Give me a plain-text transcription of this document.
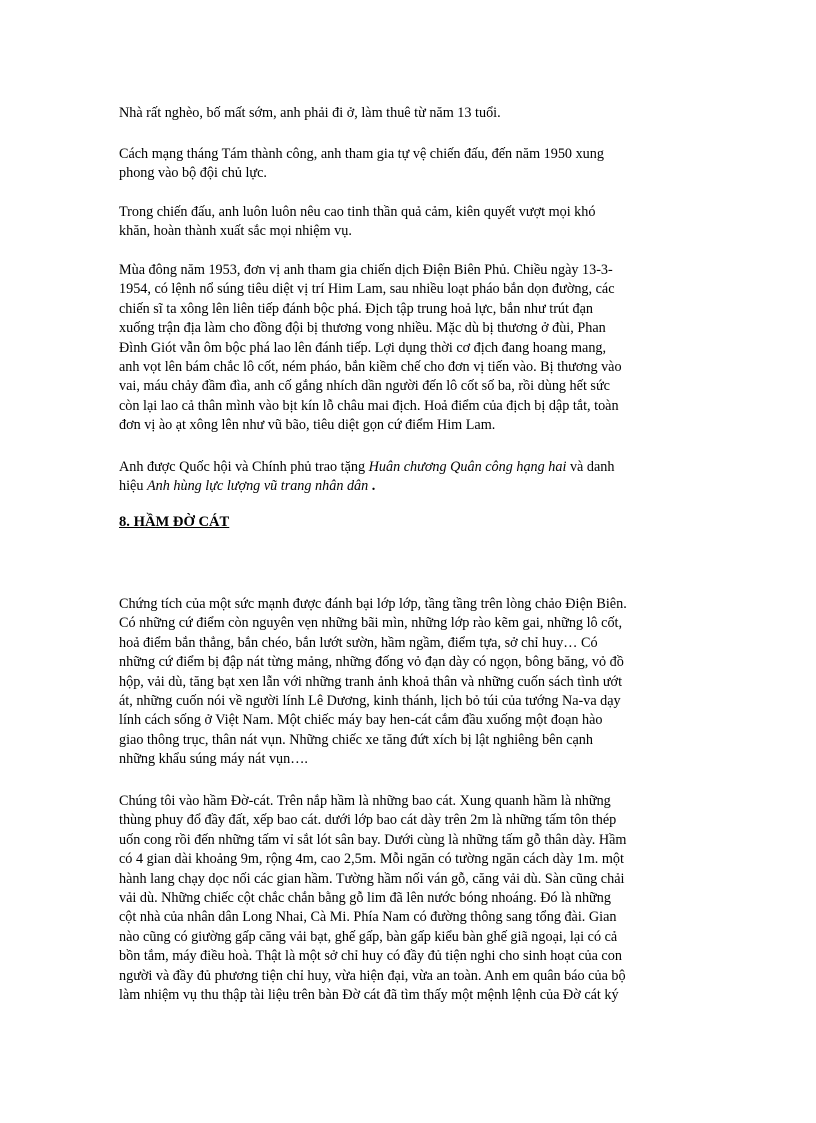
Nhà rất nghèo, bố mất sớm, anh phải đi ở, làm thuê từ năm 13 tuổi.

Cách mạng tháng Tám thành công, anh tham gia tự vệ chiến đấu, đến năm 1950 xung
phong vào bộ đội chủ lực.

Trong chiến đấu, anh luôn luôn nêu cao tinh thần quả cảm, kiên quyết vượt mọi khó
khăn, hoàn thành xuất sắc mọi nhiệm vụ.

Mùa đông năm 1953, đơn vị anh tham gia chiến dịch Điện Biên Phủ. Chiều ngày 13-3-
1954, có lệnh nổ súng tiêu diệt vị trí Him Lam, sau nhiều loạt pháo bắn dọn đường, các
chiến sĩ ta xông lên liên tiếp đánh bộc phá. Địch tập trung hoả lực, bắn như trút đạn
xuống trận địa làm cho đồng đội bị thương vong nhiều. Mặc dù bị thương ở đùi, Phan
Đình Giót vẫn ôm bộc phá lao lên đánh tiếp. Lợi dụng thời cơ địch đang hoang mang,
anh vọt lên bám chắc lô cốt, ném pháo, bắn kiềm chế cho đơn vị tiến vào. Bị thương vào
vai, máu chảy đầm đìa, anh cố gắng nhích dần người đến lô cốt số ba, rồi dùng hết sức
còn lại lao cả thân mình vào bịt kín lỗ châu mai địch. Hoả điểm của địch bị dập tắt, toàn
đơn vị ào ạt xông lên như vũ bão, tiêu diệt gọn cứ điểm Him Lam.

Anh được Quốc hội và Chính phủ trao tặng Huân chương Quân công hạng hai và danh
hiệu Anh hùng lực lượng vũ trang nhân dân .

8. HẦM ĐỜ CÁT

Chứng tích của một sức mạnh được đánh bại lớp lớp, tầng tầng trên lòng chảo Điện Biên.
Có những cứ điểm còn nguyên vẹn những bãi mìn, những lớp rào kẽm gai, những lô cốt,
hoả điểm bắn thẳng, bắn chéo, bắn lướt sườn, hầm ngầm, điểm tựa, sở chỉ huy… Có
những cứ điểm bị đập nát từng mảng, những đống vỏ đạn dày có ngọn, bông băng, vỏ đồ
hộp, vải dù, tăng bạt xen lẫn với những tranh ảnh khoả thân và những cuốn sách tình ướt
át, những cuốn nói về người lính Lê Dương, kinh thánh, lịch bỏ túi của tướng Na-va dạy
lính cách sống ở Việt Nam. Một chiếc máy bay hen-cát cắm đầu xuống một đoạn hào
giao thông trục, thân nát vụn. Những chiếc xe tăng đứt xích bị lật nghiêng bên cạnh
những khẩu súng máy nát vụn….

Chúng tôi vào hầm Đờ-cát. Trên nắp hầm là những bao cát. Xung quanh hầm là những
thùng phuy đổ đầy đất, xếp bao cát. dưới lớp bao cát dày trên 2m là những tấm tôn thép
uốn cong rồi đến những tấm vỉ sắt lót sân bay. Dưới cùng là những tấm gỗ thân dày. Hầm
có 4 gian dài khoảng 9m, rộng 4m, cao 2,5m. Mỗi ngăn có tường ngăn cách dày 1m. một
hành lang chạy dọc nối các gian hầm. Tường hầm nối ván gỗ, căng vải dù. Sàn cũng chải
vải dù. Những chiếc cột chắc chắn bằng gỗ lim đã lên nước bóng nhoáng. Đó là những
cột nhà của nhân dân Long Nhai, Cà Mi. Phía Nam có đường thông sang tổng đài. Gian
nào cũng có giường gấp căng vải bạt, ghế gấp, bàn gấp kiểu bàn ghế giã ngoại, lại có cả
bồn tắm, máy điều hoà. Thật là một sở chỉ huy có đầy đủ tiện nghi cho sinh hoạt của con
người và đầy đủ phương tiện chỉ huy, vừa hiện đại, vừa an toàn. Anh em quân báo của bộ
làm nhiệm vụ thu thập tài liệu trên bàn Đờ cát đã tìm thấy một mệnh lệnh của Đờ cát ký
